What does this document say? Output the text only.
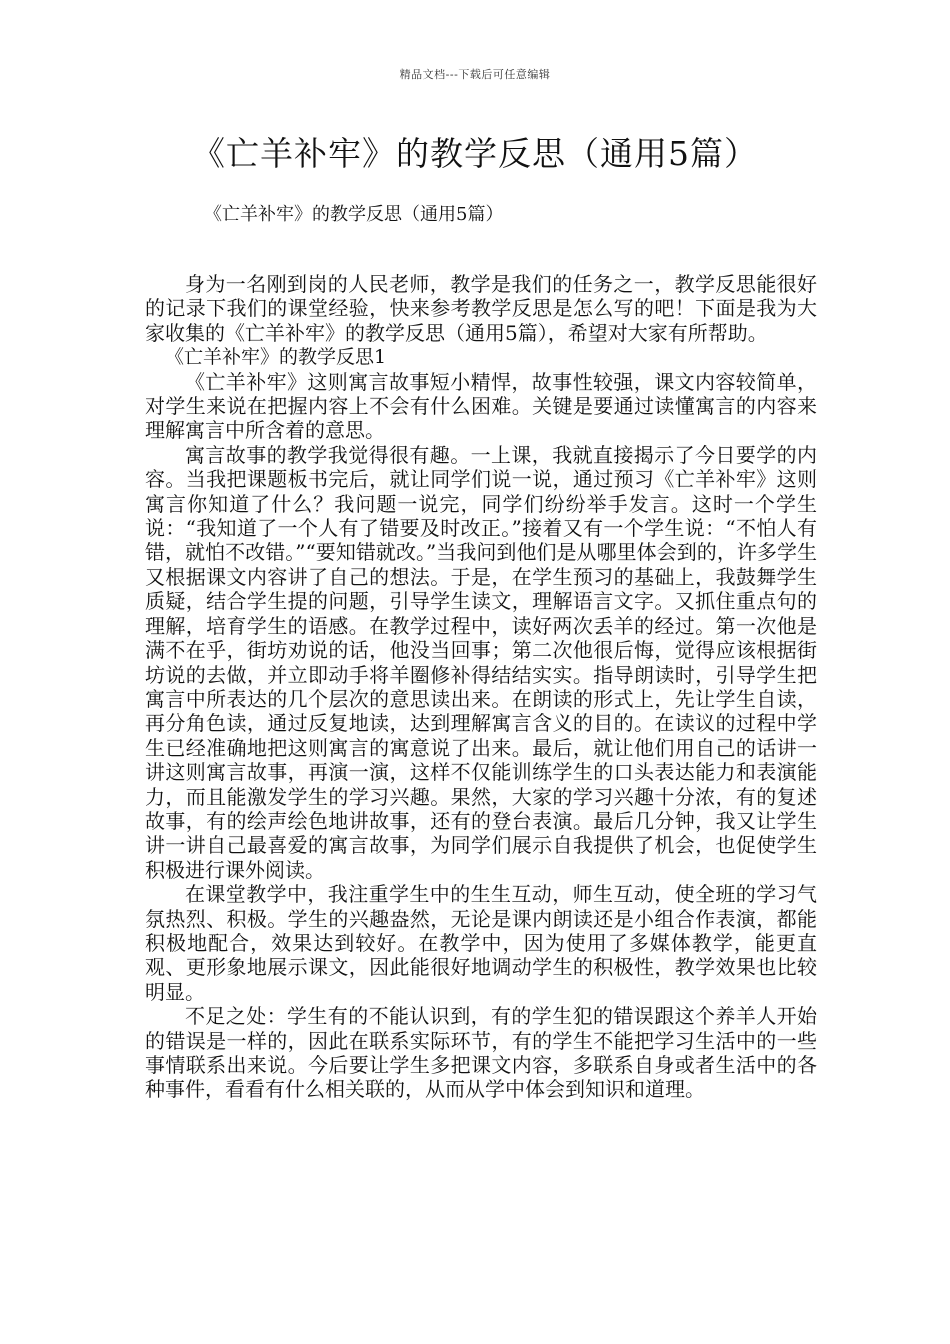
精品文档---下载后可任意编辑
《亡羊补牢》的教学反思（通用5篇）

《亡羊补牢》的教学反思（通用5篇）

身为一名刚到岗的人民老师，教学是我们的任务之一，教学反思能很好的记录下我们的课堂经验，快来参考教学反思是怎么写的吧！下面是我为大家收集的《亡羊补牢》的教学反思（通用5篇），希望对大家有所帮助。

《亡羊补牢》的教学反思1

《亡羊补牢》这则寓言故事短小精悍，故事性较强，课文内容较简单，对学生来说在把握内容上不会有什么困难。关键是要通过读懂寓言的内容来理解寓言中所含着的意思。

寓言故事的教学我觉得很有趣。一上课，我就直接揭示了今日要学的内容。当我把课题板书完后，就让同学们说一说，通过预习《亡羊补牢》这则寓言你知道了什么？我问题一说完，同学们纷纷举手发言。这时一个学生说：“我知道了一个人有了错要及时改正。”接着又有一个学生说：“不怕人有错，就怕不改错。”“要知错就改。”当我问到他们是从哪里体会到的，许多学生又根据课文内容讲了自己的想法。于是，在学生预习的基础上，我鼓舞学生质疑，结合学生提的问题，引导学生读文，理解语言文字。又抓住重点句的理解，培育学生的语感。在教学过程中，读好两次丢羊的经过。第一次他是满不在乎，街坊劝说的话，他没当回事；第二次他很后悔，觉得应该根据街坊说的去做，并立即动手将羊圈修补得结结实实。指导朗读时，引导学生把寓言中所表达的几个层次的意思读出来。在朗读的形式上，先让学生自读，再分角色读，通过反复地读，达到理解寓言含义的目的。在读议的过程中学生已经准确地把这则寓言的寓意说了出来。最后，就让他们用自己的话讲一讲这则寓言故事，再演一演，这样不仅能训练学生的口头表达能力和表演能力，而且能激发学生的学习兴趣。果然，大家的学习兴趣十分浓，有的复述故事，有的绘声绘色地讲故事，还有的登台表演。最后几分钟，我又让学生讲一讲自己最喜爱的寓言故事，为同学们展示自我提供了机会，也促使学生积极进行课外阅读。

在课堂教学中，我注重学生中的生生互动，师生互动，使全班的学习气氛热烈、积极。学生的兴趣盎然，无论是课内朗读还是小组合作表演，都能积极地配合，效果达到较好。在教学中，因为使用了多媒体教学，能更直观、更形象地展示课文，因此能很好地调动学生的积极性，教学效果也比较明显。

不足之处：学生有的不能认识到，有的学生犯的错误跟这个养羊人开始的错误是一样的，因此在联系实际环节，有的学生不能把学习生活中的一些事情联系出来说。今后要让学生多把课文内容，多联系自身或者生活中的各种事件，看看有什么相关联的，从而从学中体会到知识和道理。
